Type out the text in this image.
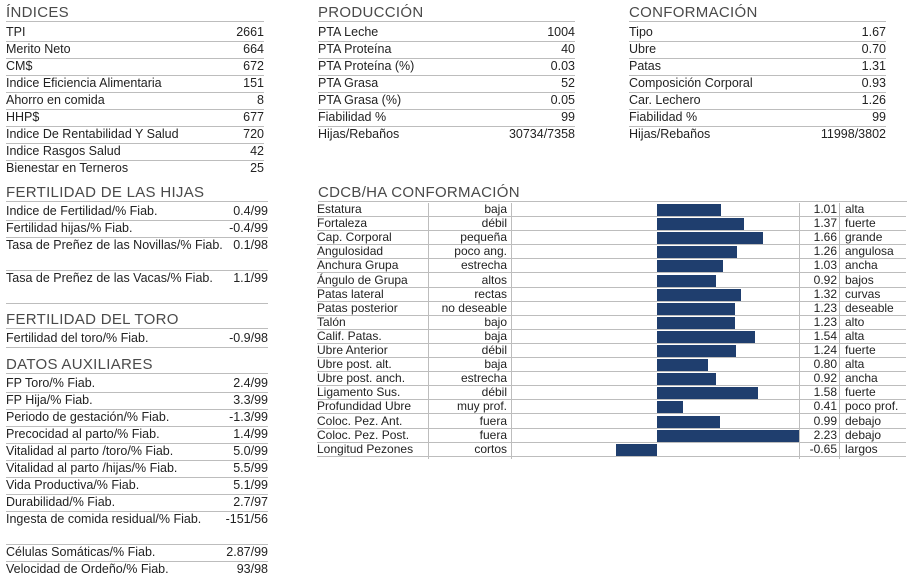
ÍNDICES
TPI	2661
Merito Neto	664
CM$	672
Indice Eficiencia Alimentaria	151
Ahorro en comida	8
HHP$	677
Indice De Rentabilidad Y Salud	720
Indice Rasgos Salud	42
Bienestar en Terneros	25
PRODUCCIÓN
PTA Leche	1004
PTA Proteína	40
PTA Proteína (%)	0.03
PTA Grasa	52
PTA Grasa (%)	0.05
Fiabilidad %	99
Hijas/Rebaños	30734/7358
CONFORMACIÓN
Tipo	1.67
Ubre	0.70
Patas	1.31
Composición Corporal	0.93
Car. Lechero	1.26
Fiabilidad %	99
Hijas/Rebaños	11998/3802
FERTILIDAD DE LAS HIJAS
Indice de Fertilidad/% Fiab.	0.4/99
Fertilidad hijas/% Fiab.	-0.4/99
Tasa de Preñez de las Novillas/% Fiab. 0.1/98
Tasa de Preñez de las Vacas/% Fiab.	1.1/99
FERTILIDAD DEL TORO
Fertilidad del toro/% Fiab.	-0.9/98
DATOS AUXILIARES
FP Toro/% Fiab.	2.4/99
FP Hija/% Fiab.	3.3/99
Periodo de gestación/% Fiab.	-1.3/99
Precocidad al parto/% Fiab.	1.4/99
Vitalidad al parto /toro/% Fiab.	5.0/99
Vitalidad al parto /hijas/% Fiab.	5.5/99
Vida Productiva/% Fiab.	5.1/99
Durabilidad/% Fiab.	2.7/97
Ingesta de comida residual/% Fiab.	-151/56
Células Somáticas/% Fiab.	2.87/99
Velocidad de Ordeño/% Fiab.	93/98
CDCB/HA CONFORMACIÓN
Estatura	baja	1.01 alta
Fortaleza	débil	1.37 fuerte
Cap. Corporal	pequeña	1.66 grande
Angulosidad	poco ang.	1.26 angulosa
Anchura Grupa	estrecha	1.03 ancha
Ángulo de Grupa	altos	0.92 bajos
Patas lateral	rectas	1.32 curvas
Patas posterior	no deseable	1.23 deseable
Talón	bajo	1.23 alto
Calif. Patas.	baja	1.54 alta
Ubre Anterior	débil	1.24 fuerte
Ubre post. alt.	baja	0.80 alta
Ubre post. anch.	estrecha	0.92 ancha
Ligamento Sus.	débil	1.58 fuerte
Profundidad Ubre	muy prof.	0.41 poco prof.
Coloc. Pez. Ant.	fuera	0.99 debajo
Coloc. Pez. Post.	fuera	2.23 debajo
Longitud Pezones	cortos	-0.65 largos
